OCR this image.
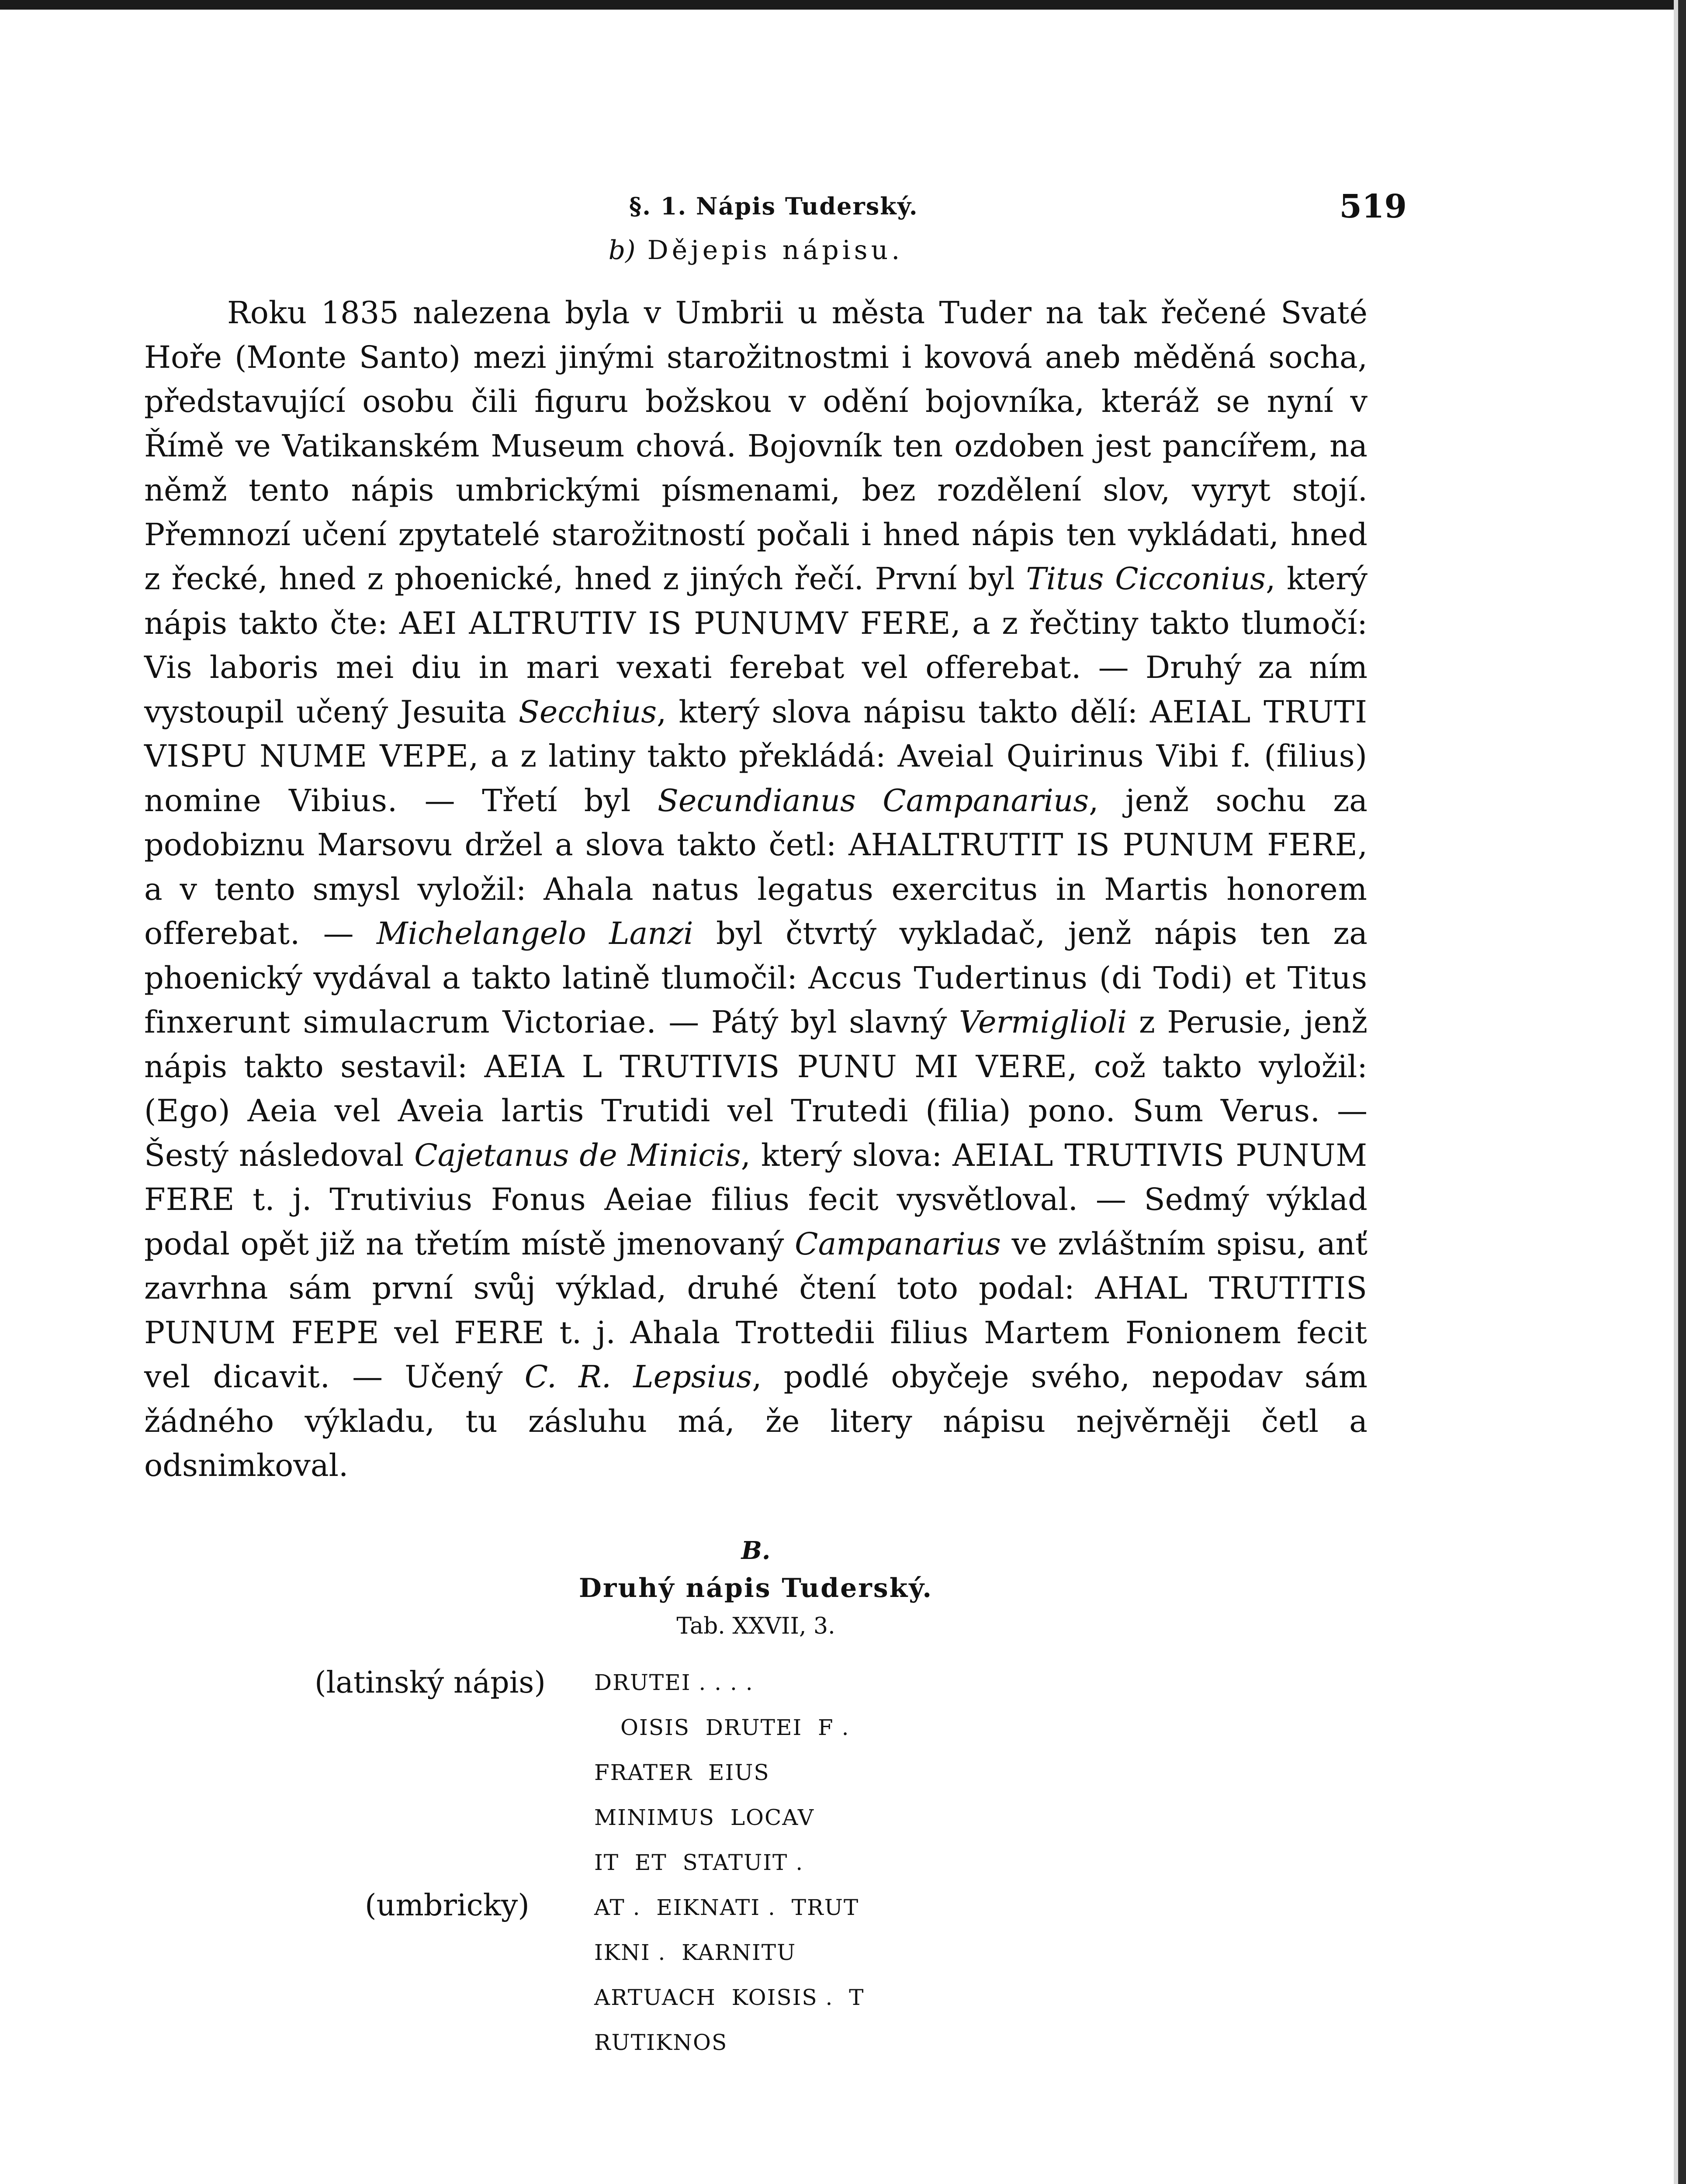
§. 1. Nápis Tuderský.	519
b) Dějepis nápisu.

Roku 1835 nalezena byla v Umbrii u města Tuder na tak řečené Svaté Hoře (Monte Santo) mezi jinými starožitnostmi i kovová aneb měděná socha, představující osobu čili figuru božskou v odění bojovníka, kteráž se nyní v Římě ve Vatikanském Museum chová. Bojovník ten ozdoben jest pancířem, na němž tento nápis umbrickými písmenami, bez rozdělení slov, vyryt stojí. Přemnozí učení zpytatelé starožitností počali i hned nápis ten vykládati, hned z řecké, hned z phoenické, hned z jiných řečí. První byl Titus Cicconius, který nápis takto čte: AEI ALTRUTIV IS PUNUMV FERE, a z řečtiny takto tlumočí: Vis laboris mei diu in mari vexati ferebat vel offerebat. — Druhý za ním vystoupil učený Jesuita Secchius, který slova nápisu takto dělí: AEIAL TRUTI VISPU NUME VEPE, a z latiny takto překládá: Aveial Quirinus Vibi f. (filius) nomine Vibius. — Třetí byl Secundianus Campanarius, jenž sochu za podobiznu Marsovu držel a slova takto četl: AHALTRUTIT IS PUNUM FERE, a v tento smysl vyložil: Ahala natus legatus exercitus in Martis honorem offerebat. — Michelangelo Lanzi byl čtvrtý vykladač, jenž nápis ten za phoenický vydával a takto latině tlumočil: Accus Tudertinus (di Todi) et Titus finxerunt simulacrum Victoriae. — Pátý byl slavný Vermiglioli z Perusie, jenž nápis takto sestavil: AEIA L TRUTIVIS PUNU MI VERE, což takto vyložil: (Ego) Aeia vel Aveia lartis Trutidi vel Trutedi (filia) pono. Sum Verus. — Šestý následoval Cajetanus de Minicis, který slova: AEIAL TRUTIVIS PUNUM FERE t. j. Trutivius Fonus Aeiae filius fecit vysvětloval. — Sedmý výklad podal opět již na třetím místě jmenovaný Campanarius ve zvláštním spisu, anť zavrhna sám první svůj výklad, druhé čtení toto podal: AHAL TRUTITIS PUNUM FEPE vel FERE t. j. Ahala Trottedii filius Martem Fonionem fecit vel dicavit. — Učený C. R. Lepsius, podlé obyčeje svého, nepodav sám žádného výkladu, tu zásluhu má, že litery nápisu nejvěrněji četl a odsnimkoval.

B.
Druhý nápis Tuderský.
Tab. XXVII, 3.
(latinský nápis)
(umbricky)
DRUTEI . . . .
OISIS  DRUTEI  F .
FRATER  EIUS
MINIMUS  LOCAV
IT  ET  STATUIT .
AT .  EIKNATI .  TRUT
IKNI .  KARNITU
ARTUACH  KOISIS .  T
RUTIKNOS
